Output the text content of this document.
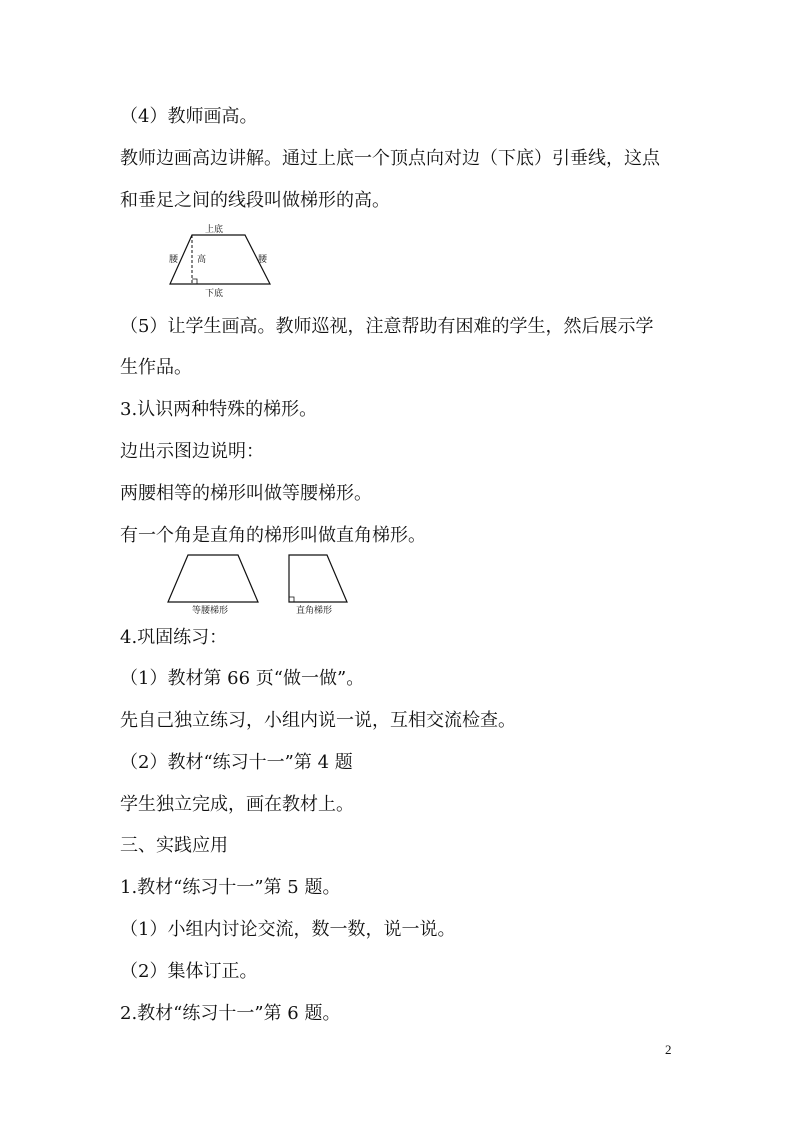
（4）教师画高。
教师边画高边讲解。通过上底一个顶点向对边（下底）引垂线，这点
和垂足之间的线段叫做梯形的高。
上底
下底
腰	腰
高
（5）让学生画高。教师巡视，注意帮助有困难的学生，然后展示学
生作品。
3.认识两种特殊的梯形。
边出示图边说明：
两腰相等的梯形叫做等腰梯形。
有一个角是直角的梯形叫做直角梯形。
等腰梯形	直角梯形
4.巩固练习：
（1）教材第 66 页“做一做”。
先自己独立练习，小组内说一说，互相交流检查。
（2）教材“练习十一”第 4 题
学生独立完成，画在教材上。
三、实践应用
1.教材“练习十一”第 5 题。
（1）小组内讨论交流，数一数，说一说。
（2）集体订正。
2.教材“练习十一”第 6 题。
2
